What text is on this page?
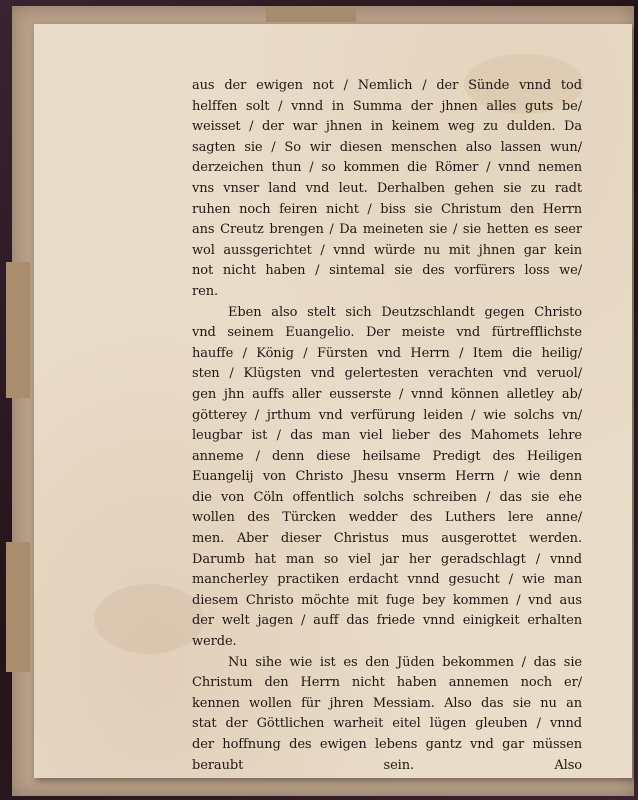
aus der ewigen not / Nemlich / der Sünde vnnd tod
helffen solt / vnnd in Summa der jhnen alles guts be/
weisset / der war jhnen in keinem weg zu dulden. Da
sagten sie / So wir diesen menschen also lassen wun/
derzeichen thun / so kommen die Römer / vnnd nemen
vns vnser land vnd leut. Derhalben gehen sie zu radt
ruhen noch feiren nicht / biss sie Christum den Herrn
ans Creutz brengen / Da meineten sie / sie hetten es seer
wol aussgerichtet / vnnd würde nu mit jhnen gar kein
not nicht haben / sintemal sie des vorfürers loss we/
ren.
Eben also stelt sich Deutzschlandt gegen Christo
vnd seinem Euangelio. Der meiste vnd fürtrefflichste
hauffe / König / Fürsten vnd Herrn / Item die heilig/
sten / Klügsten vnd gelertesten verachten vnd veruol/
gen jhn auffs aller eusserste / vnnd können alletley ab/
götterey / jrthum vnd verfürung leiden / wie solchs vn/
leugbar ist / das man viel lieber des Mahomets lehre
anneme / denn diese heilsame Predigt des Heiligen
Euangelij von Christo Jhesu vnserm Herrn / wie denn
die von Cöln offentlich solchs schreiben / das sie ehe
wollen des Türcken wedder des Luthers lere anne/
men. Aber dieser Christus mus ausgerottet werden.
Darumb hat man so viel jar her geradschlagt / vnnd
mancherley practiken erdacht vnnd gesucht / wie man
diesem Christo möchte mit fuge bey kommen / vnd aus
der welt jagen / auff das friede vnnd einigkeit erhalten
werde.
Nu sihe wie ist es den Jüden bekommen / das sie
Christum den Herrn nicht haben annemen noch er/
kennen wollen für jhren Messiam. Also das sie nu an
stat der Göttlichen warheit eitel lügen gleuben / vnnd
der hoffnung des ewigen lebens gantz vnd gar müssen
beraubt sein. Also
